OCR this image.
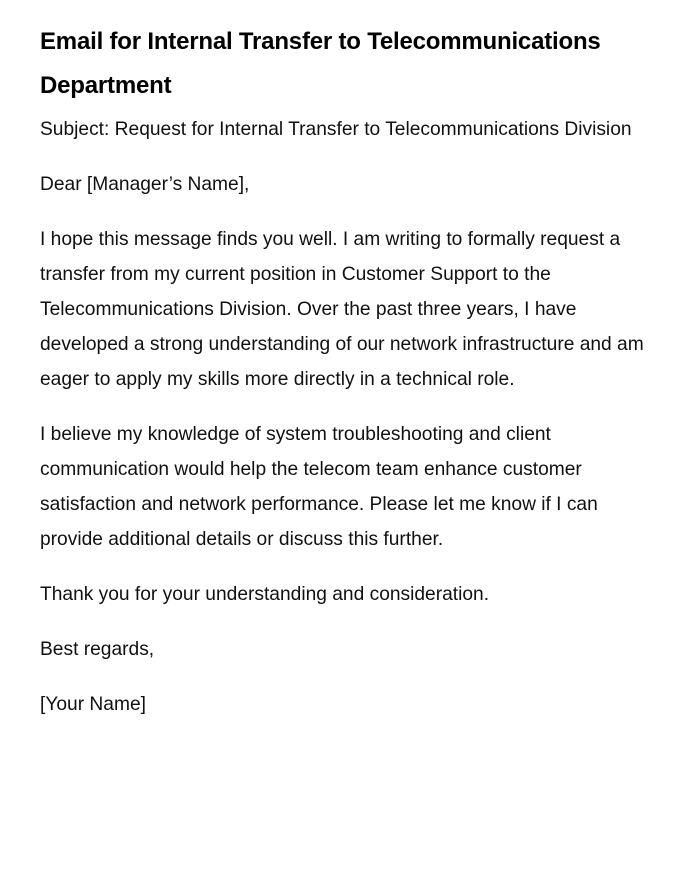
Email for Internal Transfer to Telecommunications Department

Subject: Request for Internal Transfer to Telecommunications Division

Dear [Manager’s Name],

I hope this message finds you well. I am writing to formally request a transfer from my current position in Customer Support to the Telecommunications Division. Over the past three years, I have developed a strong understanding of our network infrastructure and am eager to apply my skills more directly in a technical role.

I believe my knowledge of system troubleshooting and client communication would help the telecom team enhance customer satisfaction and network performance. Please let me know if I can provide additional details or discuss this further.

Thank you for your understanding and consideration.

Best regards,

[Your Name]
